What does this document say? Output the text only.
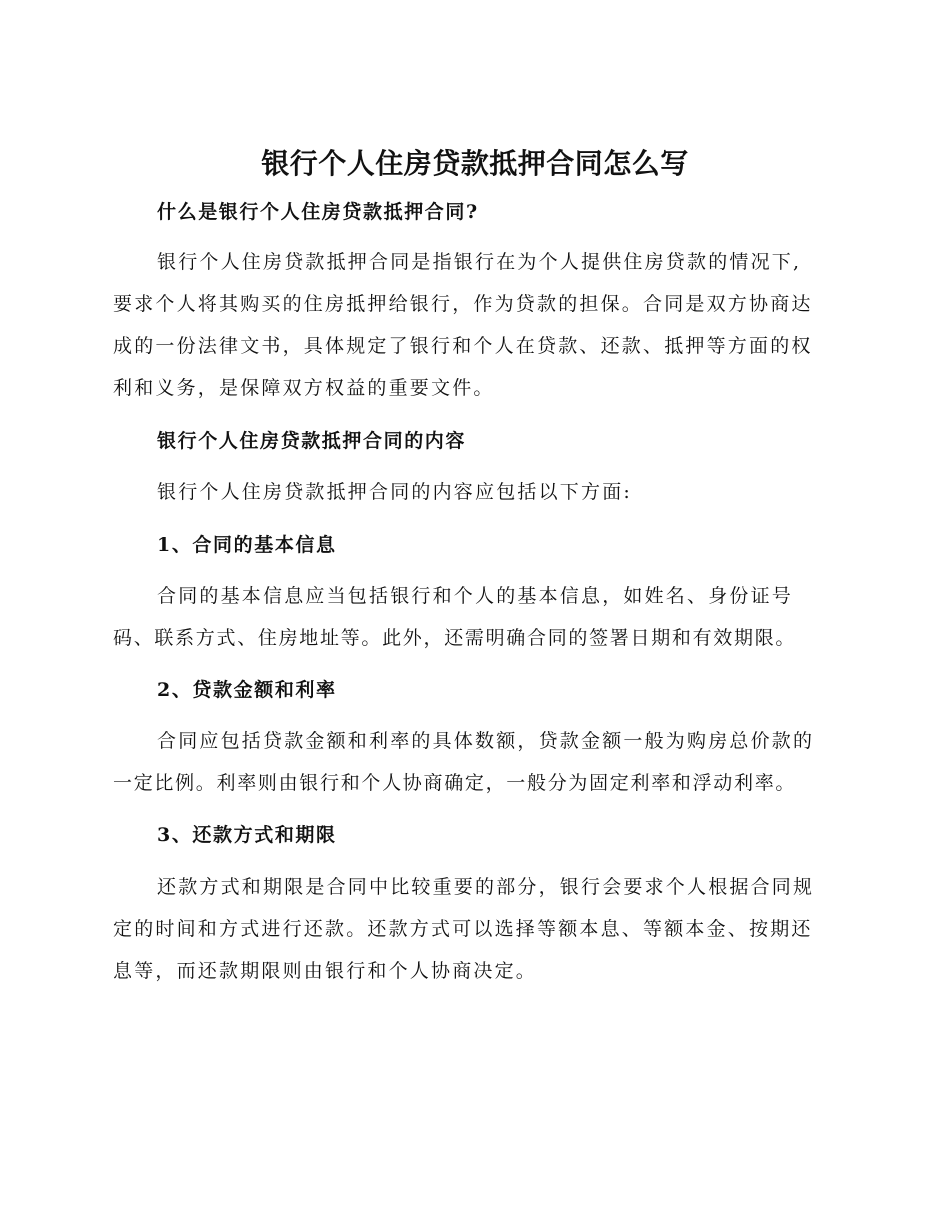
银行个人住房贷款抵押合同怎么写
什么是银行个人住房贷款抵押合同?
银行个人住房贷款抵押合同是指银行在为个人提供住房贷款的情况下,
要求个人将其购买的住房抵押给银行，作为贷款的担保。合同是双方协商达
成的一份法律文书，具体规定了银行和个人在贷款、还款、抵押等方面的权
利和义务，是保障双方权益的重要文件。
银行个人住房贷款抵押合同的内容
银行个人住房贷款抵押合同的内容应包括以下方面:
1、合同的基本信息
合同的基本信息应当包括银行和个人的基本信息，如姓名、身份证号
码、联系方式、住房地址等。此外，还需明确合同的签署日期和有效期限。
2、贷款金额和利率
合同应包括贷款金额和利率的具体数额，贷款金额一般为购房总价款的
一定比例。利率则由银行和个人协商确定，一般分为固定利率和浮动利率。
3、还款方式和期限
还款方式和期限是合同中比较重要的部分，银行会要求个人根据合同规
定的时间和方式进行还款。还款方式可以选择等额本息、等额本金、按期还
息等，而还款期限则由银行和个人协商决定。
